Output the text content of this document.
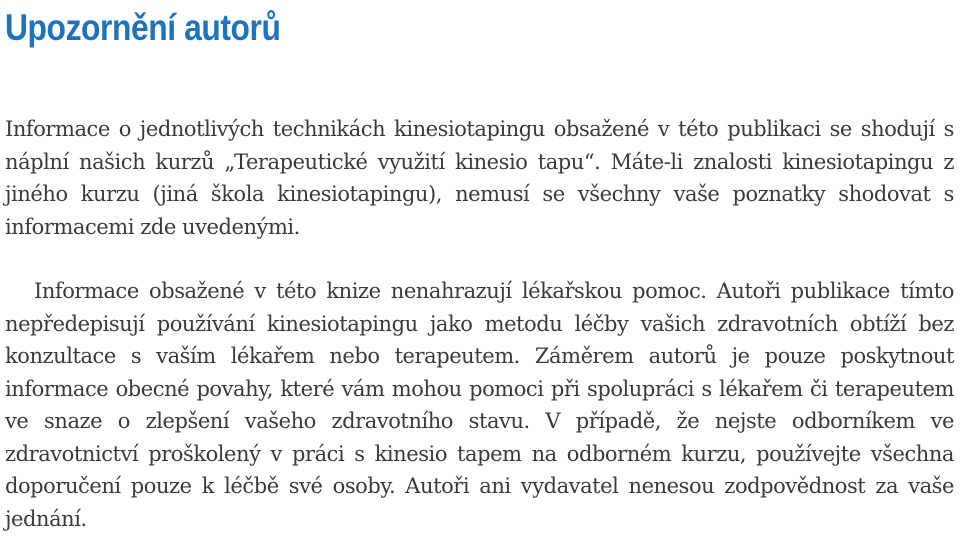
Upozornění autorů

Informace o jednotlivých technikách kinesiotapingu obsažené v této publikaci se shodují s náplní našich kurzů „Terapeutické využití kinesio tapu“. Máte-li znalosti kinesiotapingu z jiného kurzu (jiná škola kinesiotapingu), nemusí se všechny vaše poznatky shodovat s informacemi zde uvedenými.

Informace obsažené v této knize nenahrazují lékařskou pomoc. Autoři publikace tímto nepředepisují používání kinesiotapingu jako metodu léčby vašich zdravotních obtíží bez konzultace s vaším lékařem nebo terapeutem. Záměrem autorů je pouze poskytnout informace obecné povahy, které vám mohou pomoci při spolupráci s lékařem či terapeutem ve snaze o zlepšení vašeho zdravotního stavu. V případě, že nejste odborníkem ve zdravotnictví proškolený v práci s kinesio tapem na odborném kurzu, používejte všechna doporučení pouze k léčbě své osoby. Autoři ani vydavatel nenesou zodpovědnost za vaše jednání.
